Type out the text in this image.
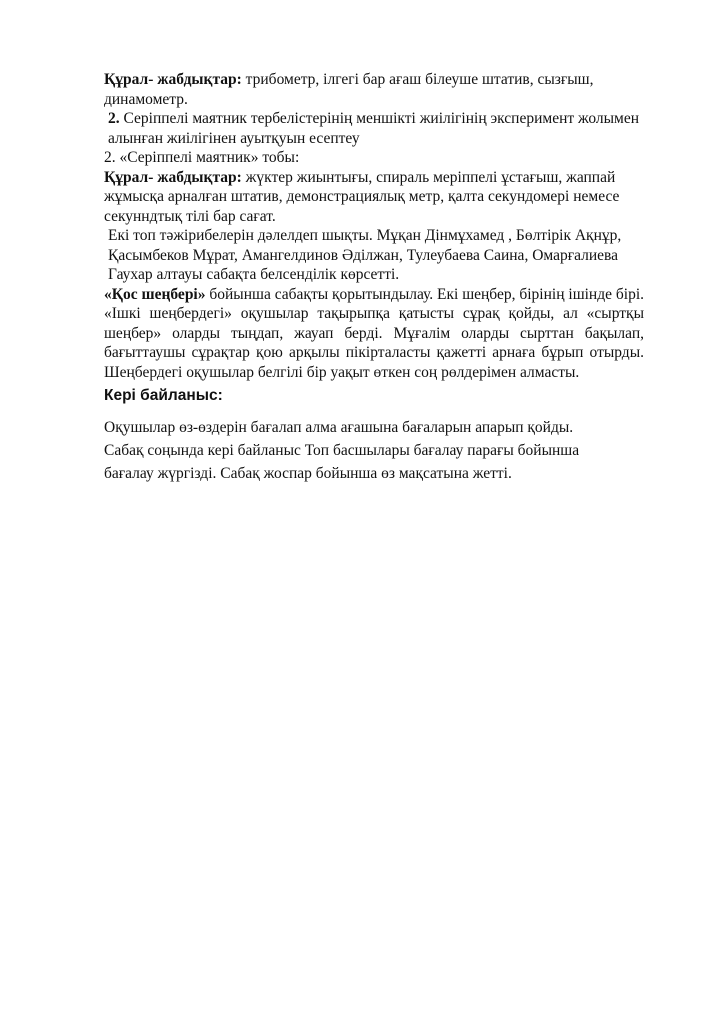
Құрал- жабдықтар: трибометр, ілгегі бар ағаш білеуше штатив, сызғыш, динамометр.

2. Серіппелі маятник тербелістерінің меншікті жиілігінің эксперимент жолымен алынған жиілігінен ауытқуын есептеу

2. «Серіппелі маятник» тобы:

Құрал- жабдықтар: жүктер жиынтығы, спираль меріппелі ұстағыш, жаппай жұмысқа арналған штатив, демонстрациялық метр, қалта секундомері немесе секунндтық тілі бар сағат.

Екі топ тәжірибелерін дәлелдеп шықты. Мұқан Дінмұхамед , Бөлтірік Ақнұр, Қасымбеков Мұрат, Амангелдинов Әділжан, Тулеубаева Саина, Омарғалиева Гаухар алтауы сабақта белсенділік көрсетті.

«Қос шеңбері» бойынша сабақты қорытындылау. Екі шеңбер, бірінің ішінде бірі. «Ішкі шеңбердегі» оқушылар тақырыпқа қатысты сұрақ қойды, ал «сыртқы шеңбер» оларды тыңдап, жауап берді. Мұғалім оларды сырттан бақылап, бағыттаушы сұрақтар қою арқылы пікірталасты қажетті арнаға бұрып отырды. Шеңбердегі оқушылар белгілі бір уақыт өткен соң рөлдерімен алмасты.

Кері байланыс:

Оқушылар өз-өздерін бағалап алма ағашына бағаларын апарып қойды.

Сабақ соңында кері байланыс Топ басшылары бағалау парағы бойынша

бағалау жүргізді. Сабақ жоспар бойынша өз мақсатына жетті.
